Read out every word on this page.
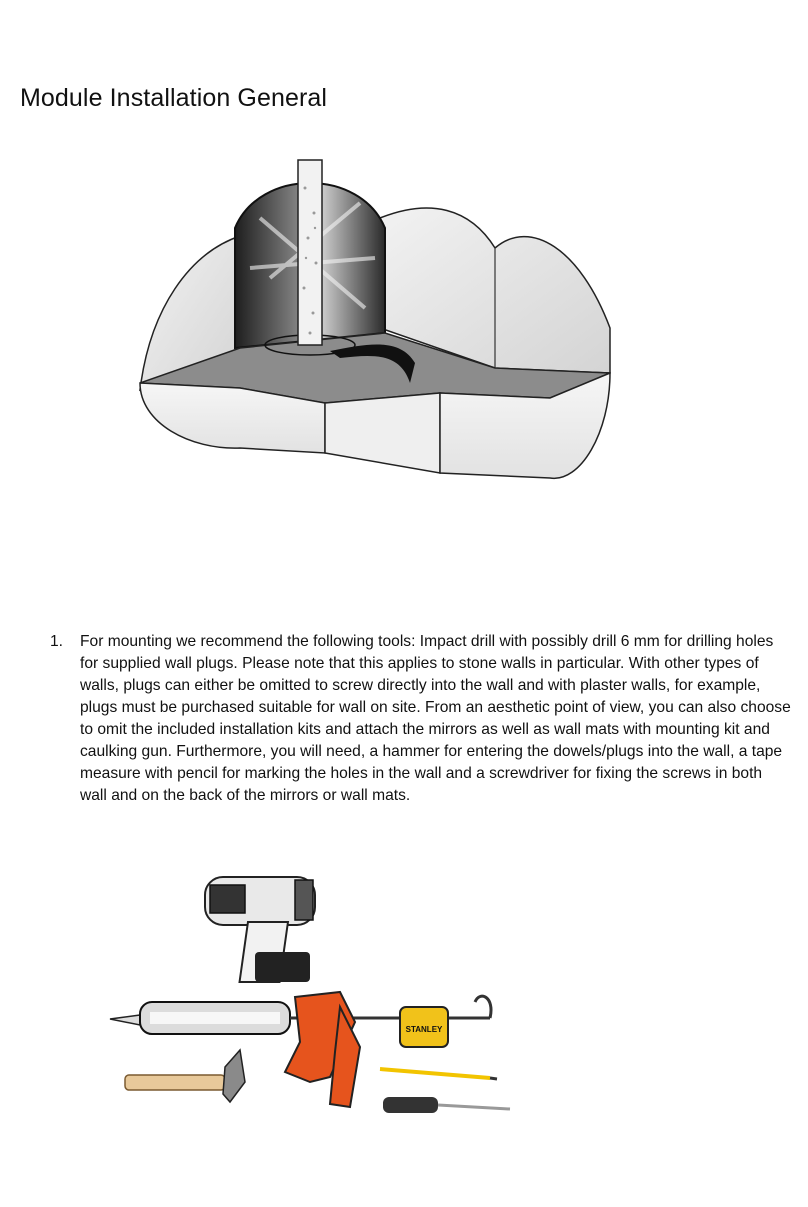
Module Installation General
1. For mounting we recommend the following tools: Impact drill with possibly drill 6 mm for drilling holes for supplied wall plugs. Please note that this applies to stone walls in particular. With other types of walls, plugs can either be omitted to screw directly into the wall and with plaster walls, for example, plugs must be purchased suitable for wall on site. From an aesthetic point of view, you can also choose to omit the included installation kits and attach the mirrors as well as wall mats with mounting kit and caulking gun. Furthermore, you will need, a hammer for entering the dowels/plugs into the wall, a tape measure with pencil for marking the holes in the wall and a screwdriver for fixing the screws in both wall and on the back of the mirrors or wall mats.
STANLEY
